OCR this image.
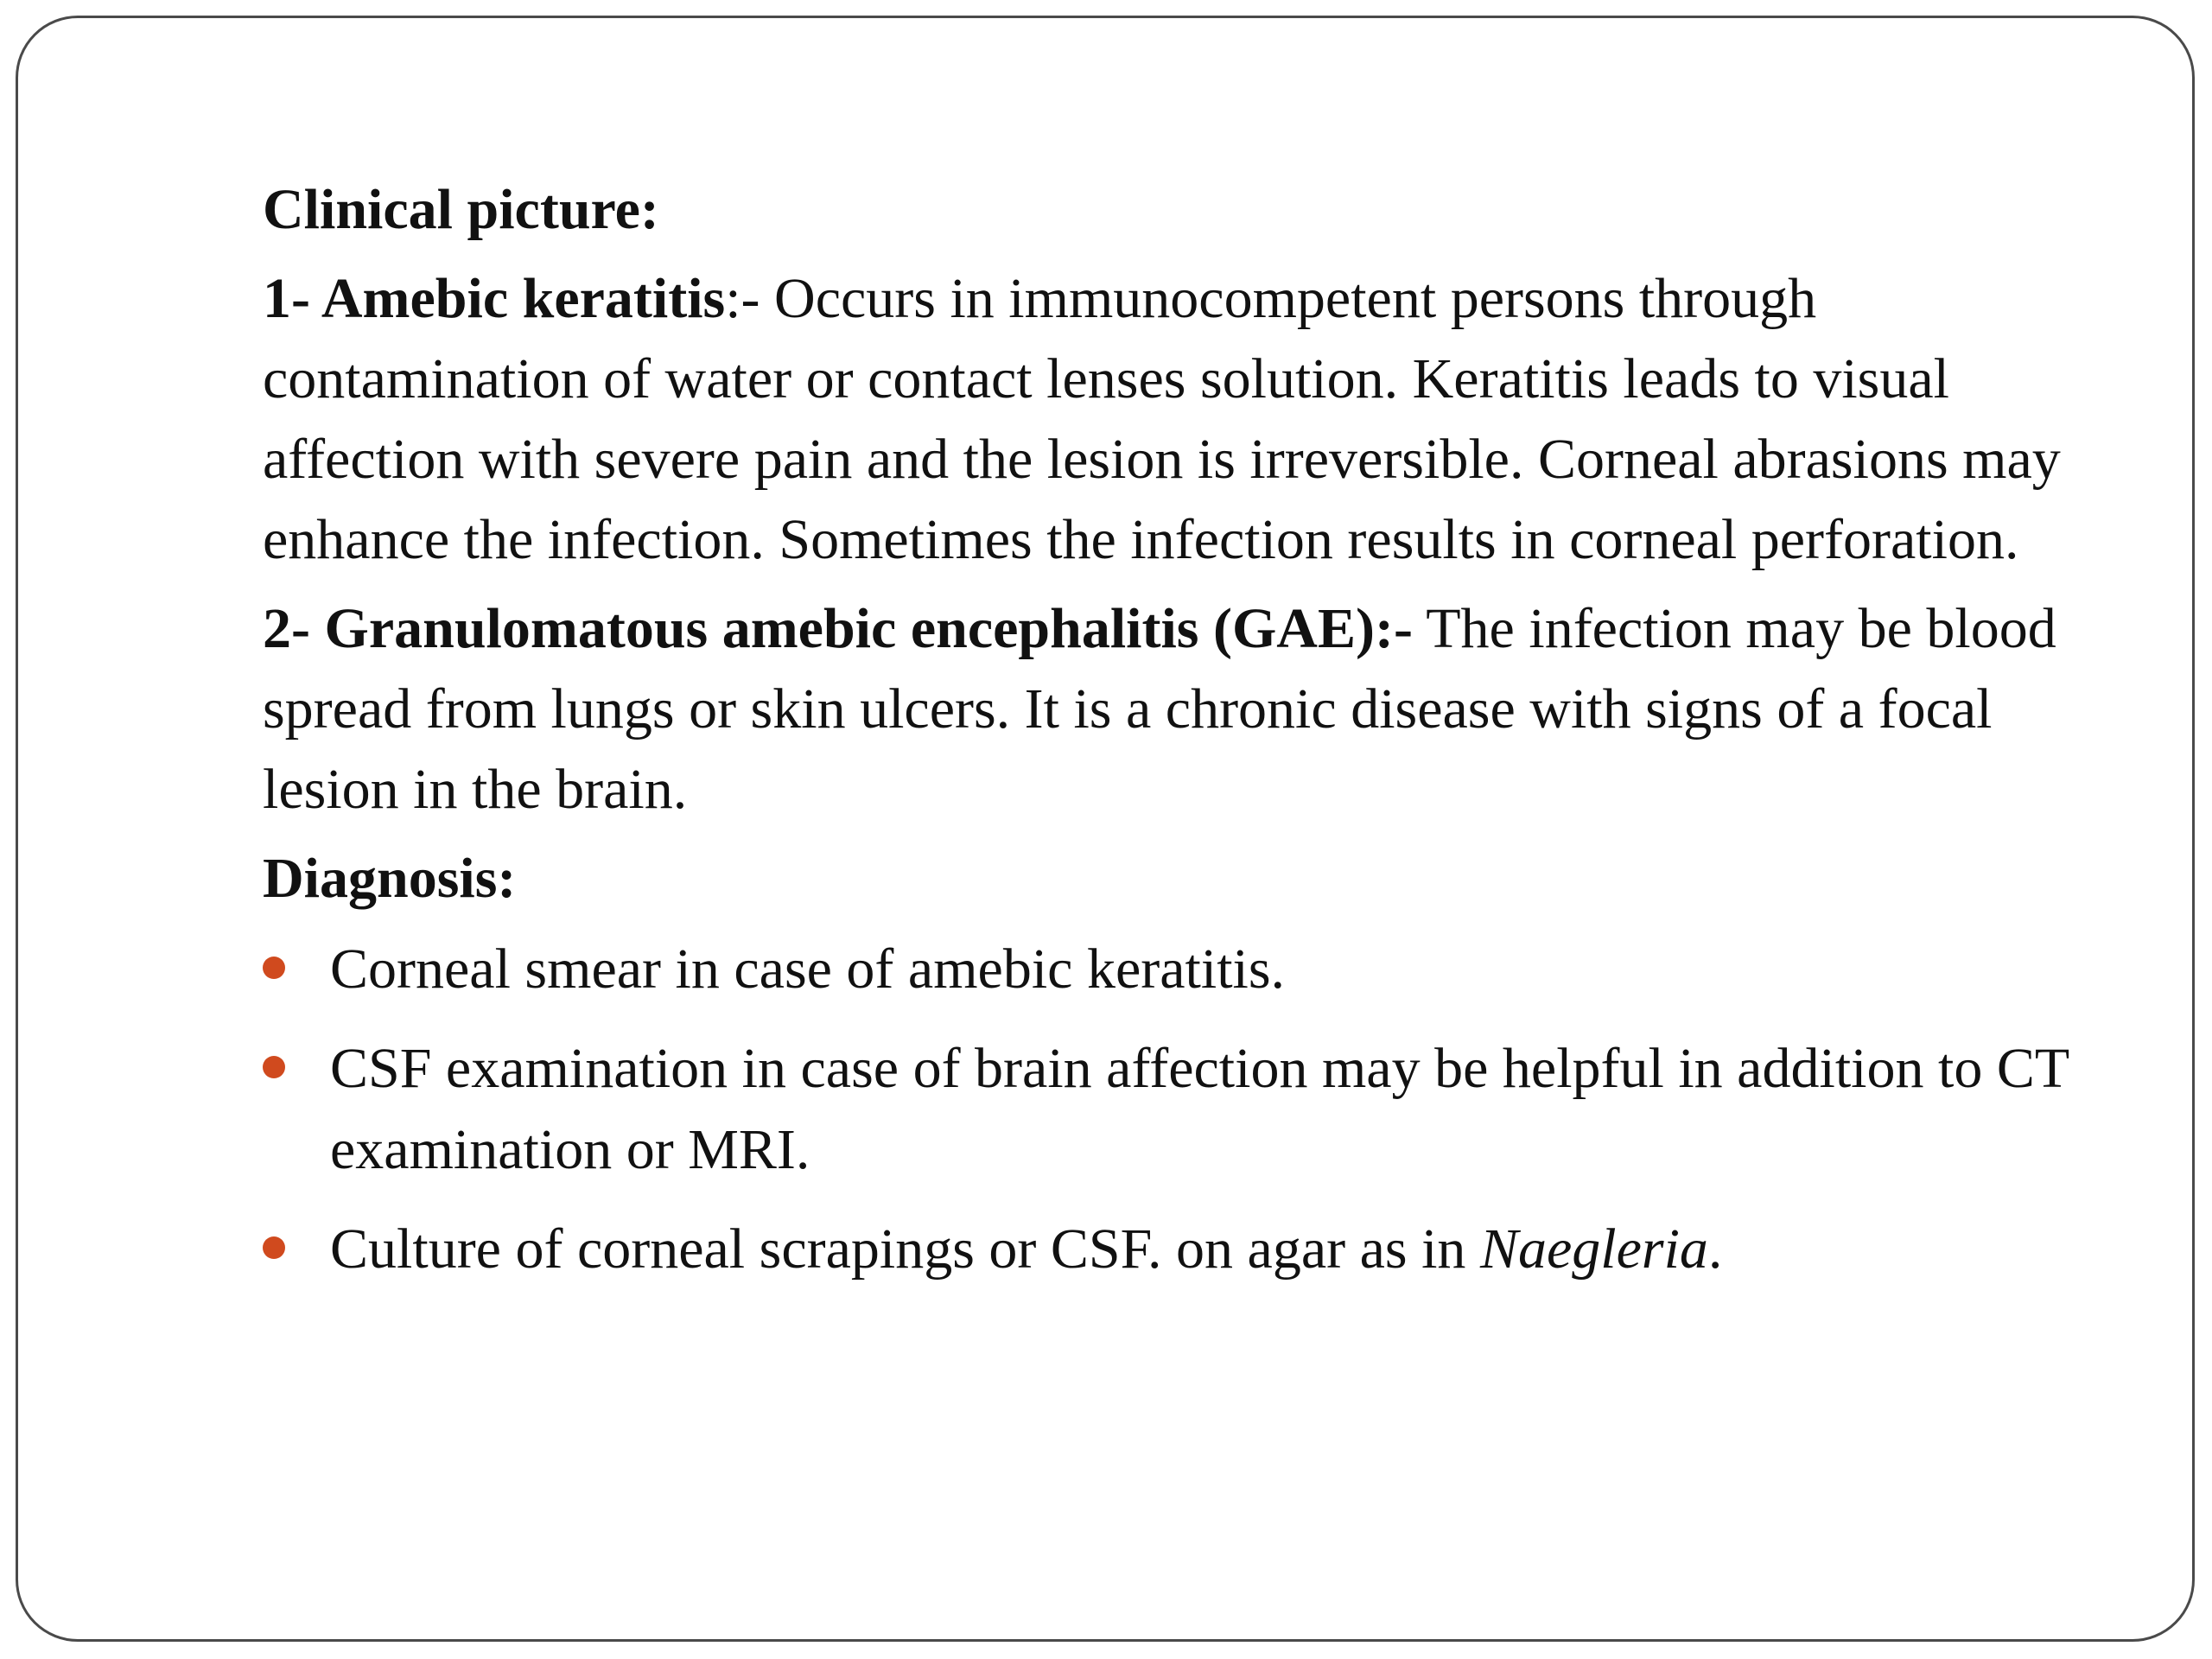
Clinical picture:

1- Amebic keratitis:- Occurs in immunocompetent persons through contamination of water or contact lenses solution. Keratitis leads to visual affection with severe pain and the lesion is irreversible. Corneal abrasions may enhance the infection. Sometimes the infection results in corneal perforation.

2- Granulomatous amebic encephalitis (GAE):- The infection may be blood spread from lungs or skin ulcers. It is a chronic disease with signs of a focal lesion in the brain.

Diagnosis:
Corneal smear in case of amebic keratitis.
CSF examination in case of brain affection may be helpful in addition to CT examination or MRI.
Culture of corneal scrapings or CSF. on agar as in Naegleria.
